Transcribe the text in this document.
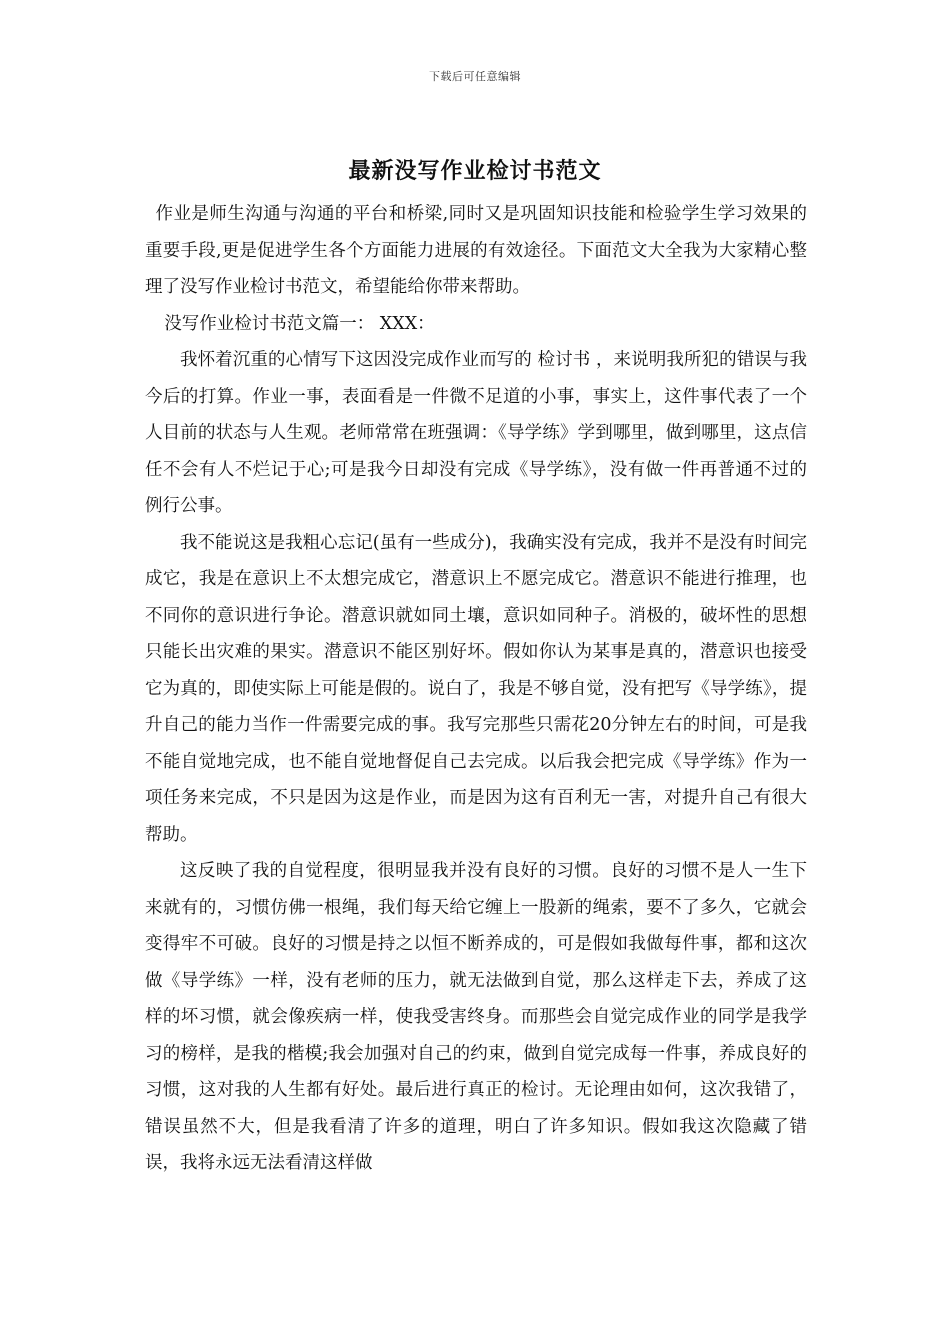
下载后可任意编辑
最新没写作业检讨书范文

作业是师生沟通与沟通的平台和桥梁,同时又是巩固知识技能和检验学生学习效果的重要手段,更是促进学生各个方面能力进展的有效途径。下面范文大全我为大家精心整理了没写作业检讨书范文，希望能给你带来帮助。

没写作业检讨书范文篇一： XXX：

我怀着沉重的心情写下这因没完成作业而写的 检讨书 ，来说明我所犯的错误与我今后的打算。作业一事，表面看是一件微不足道的小事，事实上，这件事代表了一个人目前的状态与人生观。老师常常在班强调：《导学练》学到哪里，做到哪里，这点信任不会有人不烂记于心;可是我今日却没有完成《导学练》，没有做一件再普通不过的例行公事。

我不能说这是我粗心忘记(虽有一些成分)，我确实没有完成，我并不是没有时间完成它，我是在意识上不太想完成它，潜意识上不愿完成它。潜意识不能进行推理，也不同你的意识进行争论。潜意识就如同土壤，意识如同种子。消极的，破坏性的思想只能长出灾难的果实。潜意识不能区别好坏。假如你认为某事是真的，潜意识也接受它为真的，即使实际上可能是假的。说白了，我是不够自觉，没有把写《导学练》，提升自己的能力当作一件需要完成的事。我写完那些只需花20分钟左右的时间，可是我不能自觉地完成，也不能自觉地督促自己去完成。以后我会把完成《导学练》作为一项任务来完成，不只是因为这是作业，而是因为这有百利无一害，对提升自己有很大帮助。

这反映了我的自觉程度，很明显我并没有良好的习惯。良好的习惯不是人一生下来就有的，习惯仿佛一根绳，我们每天给它缠上一股新的绳索，要不了多久，它就会变得牢不可破。良好的习惯是持之以恒不断养成的，可是假如我做每件事，都和这次做《导学练》一样，没有老师的压力，就无法做到自觉，那么这样走下去，养成了这样的坏习惯，就会像疾病一样，使我受害终身。而那些会自觉完成作业的同学是我学习的榜样，是我的楷模;我会加强对自己的约束，做到自觉完成每一件事，养成良好的习惯，这对我的人生都有好处。最后进行真正的检讨。无论理由如何，这次我错了，错误虽然不大，但是我看清了许多的道理，明白了许多知识。假如我这次隐藏了错误，我将永远无法看清这样做
